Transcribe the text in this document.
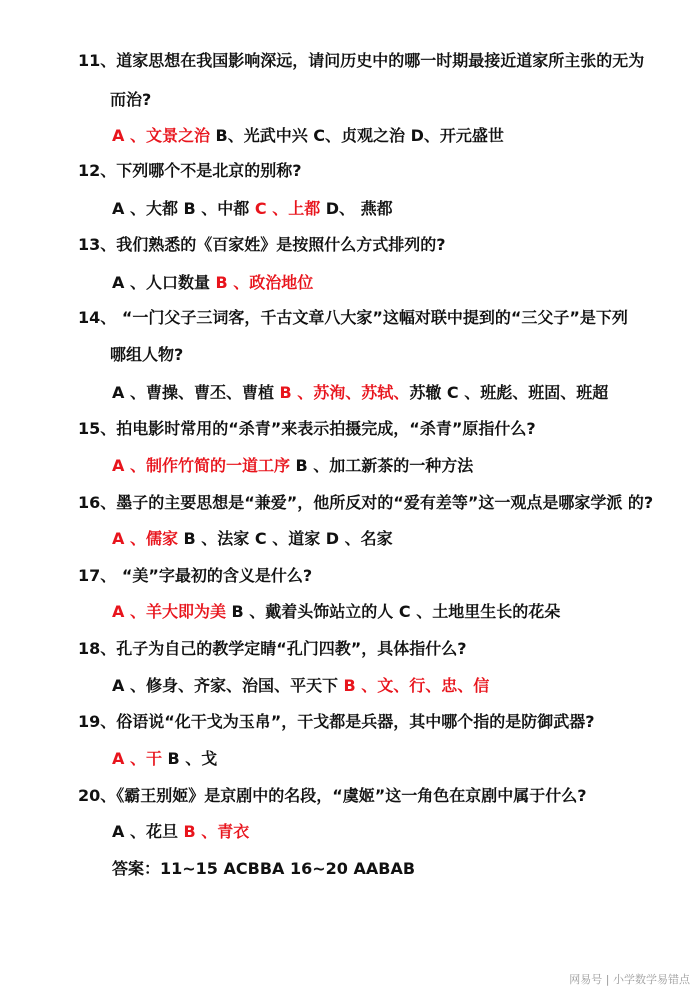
11、道家思想在我国影响深远，请问历史中的哪一时期最接近道家所主张的无为
而治?
A 、文景之治 B、光武中兴 C、贞观之治 D、开元盛世
12、下列哪个不是北京的别称?
A 、大都 B 、中都 C 、上都 D、 燕都
13、我们熟悉的《百家姓》是按照什么方式排列的?
A 、人口数量 B 、政治地位
14、 “一门父子三词客，千古文章八大家”这幅对联中提到的“三父子”是下列
哪组人物?
A 、曹操、曹丕、曹植 B 、苏洵、苏轼、苏辙 C 、班彪、班固、班超
15、拍电影时常用的“杀青”来表示拍摄完成，“杀青”原指什么?
A 、制作竹简的一道工序 B 、加工新茶的一种方法
16、墨子的主要思想是“兼爱”，他所反对的“爱有差等”这一观点是哪家学派 的?
A 、儒家 B 、法家 C 、道家 D 、名家
17、 “美”字最初的含义是什么?
A 、羊大即为美 B 、戴着头饰站立的人 C 、土地里生长的花朵
18、孔子为自己的教学定睛“孔门四教”，具体指什么?
A 、修身、齐家、治国、平天下 B 、文、行、忠、信
19、俗语说“化干戈为玉帛”，干戈都是兵器，其中哪个指的是防御武器?
A 、干 B 、戈
20、《霸王别姬》是京剧中的名段，“虞姬”这一角色在京剧中属于什么?
A 、花旦 B 、青衣
答案：11~15 ACBBA 16~20 AABAB
网易号 | 小学数学易错点
